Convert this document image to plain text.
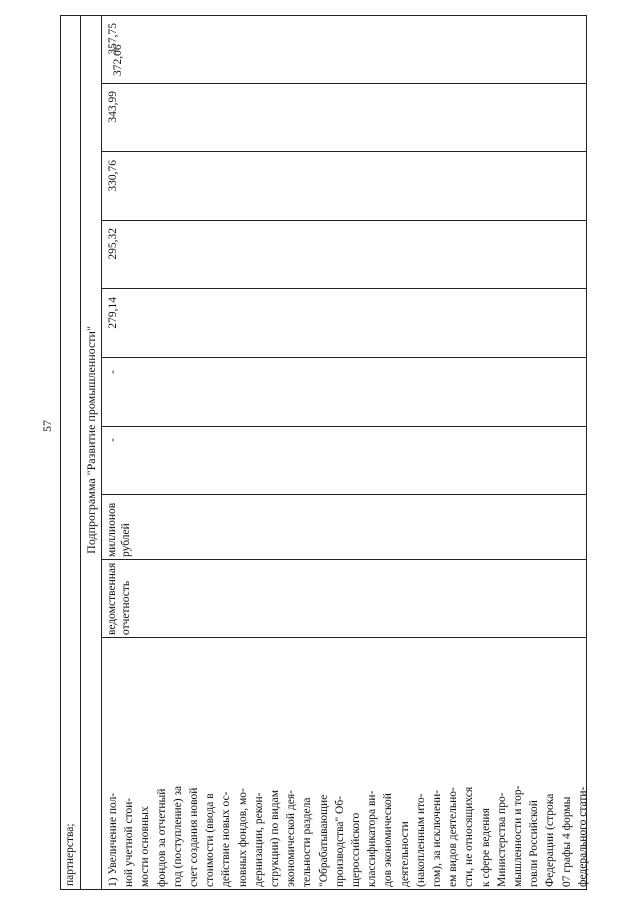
57
партнерства;
Подпрограмма "Развитие промышленности"
1) Увеличение пол- ной учетной стои- мости основных фондов за отчетный год (поступление) за счет создания новой стоимости (ввода в действие новых ос- новных фондов, мо- дернизации, рекон- струкции) по видам экономической дея- тельности раздела "Обрабатывающие производства" Об- щероссийского классификатора ви- дов экономической деятельности (накопленным ито- гом), за исключени- ем видов деятельно- сти, не относящихся к сфере ведения Министерства про- мышленности и тор- говли Российской Федерации (строка 07 графы 4 формы федерального стати-
ведомственная отчетность
миллионов рублей
-
-
279,14
295,32
330,76
343,99
357,75
372,06
